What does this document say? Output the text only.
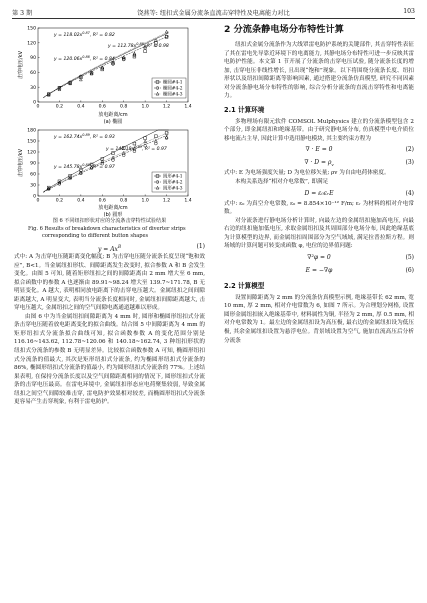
第 3 期	饶燕等: 纽扣式金属分流条直流击穿特性及电离能力对比	103
0	0.2	0.4	0.6	0.8	1.0	1.2	1.4
0
30
60
90
120
150
击穿电压/kV
放电距离/cm
(a) 椭圆
$y = 118.02x^{0.87}$, R² = 0.82
$y = 112.78x^{0.86}$, R² = 0.98
$y = 120.06x^{0.86}$, R² = 0.84
椭圆#4-1
椭圆#4-2
椭圆#4-3
0	0.2	0.4	0.6	0.8	1.0	1.2	1.4
0
30
60
90
120
150
180
击穿电压/kV
放电距离/cm
(b) 圆形
$y = 162.74x^{0.89}$, R² = 0.93
$y = 140.18x^{0.89}$, R² = 0.97
$y = 145.78x^{0.88}$, R² = 0.97
圆形#4-1
圆形#4-2
圆形#4-3
图 6 不同纽扣形状对应的分流条击穿特性试验结果
Fig. 6 Results of breakdown characteristics of diverter strips corresponding to different button shapes
$y = Ax^B$	(1)

式中: A 为击穿电压随距离变化幅度; B 为击穿电压随分流条长度呈现“饱和效应”, B<1。当金属纽扣形状、间隙距离发生改变时, 拟合参数 A 和 B 会发生变化。由图 5 可知, 随着矩形纽扣之间的间隙距离由 2 mm 增大至 6 mm, 拟合函数中的参数 A 也逐渐由 89.91~98.24 增大至 139.7~171.78, B 无明显变化。A 越大, 表明相同放电距离下的击穿电压越大。金属纽扣之间间隙距离越大, A 明显变大, 表明当分流条长度相同时, 金属纽扣间隙距离越大, 击穿电压越大, 金属纽扣之间的空气间隙电离通道越难以形成。

由图 6 中为当金属纽扣间隙距离为 4 mm 时, 圆形和椭圆形纽扣式分流条击穿电压随着放电距离变化的拟合曲线。结合图 5 中间隙距离为 4 mm 的矩形纽扣式分流条拟合曲线可知, 拟合函数参数 A 的变化范围分别是 116.16~143.62, 112.78~120.06 和 140.18~162.74, 3 种纽扣形状的纽扣式分流条的参数 B 无明显差异。比较拟合函数参数 A 可知, 椭圆形纽扣式分流条的值最大, 其次是矩形纽扣式分流条, 约为椭圆形纽扣式分流条的 86%, 椭圆形纽扣式分流条的值最小, 约为圆形纽扣式分流条的 77%。上述结果表明, 在保持分流条长度以及空气间隙距离相同的情况下, 圆形纽扣式分流条的击穿电压最高。在雷电环境中, 金属纽扣形态应电荷聚集较弱, 导致金属纽扣之间空气间隙较难击穿, 雷电防护效果相对较差, 而椭圆形纽扣式分流条更容易产生击穿现象, 有利于雷电防护。

2 分流条静电场分布特性计算

纽扣式金属分流条作为大线罩雷电防护系统的关键部件, 其击穿特性表征了其在雷电先导靠近环境下的电离能力, 其静电场分布特性可进一步反映其雷电防护性能。本文第 1 节开展了分流条的击穿电压试验, 随分流条长度的增加, 击穿电压非线性增长, 且出现“饱和”现象。以下将围绕分流条长度、纽扣形状以及纽扣间隙距离等影响因素, 通过搭建分流条仿真模型, 研究不同因素对分流条静电场分布特性的影响, 综合分析分流条的直流击穿特性和电离能力。

2.1 计算环境

多物理场有限元软件 COMSOL Mulphysics 建立的分流条模型包含 2 个部分, 即金属纽扣和绝缘基带。由于研究静电场分布, 仿真模型中电介质位移电流占主导, 因此计算中选用静电模块, 其主要约束方程为

∇ · E = 0	(2)
∇ · $D = \rho_v$	(3)

式中: E 为电场强度矢量; D 为电位移矢量; ρv 为自由电荷体密度。

本构关系选择“相对介电常数”, 即满足

D = ε₀εᵣE	(4)

式中: ε₀ 为真空介电常数, ε₀ = 8.854×10⁻¹² F/m; εᵣ 为材料的相对介电常数。

对分流条进行静电场分析计算时, 向最左边的金属纽扣施加高电压, 向最右边的纽扣施加低电压, 求取金属纽扣及其周围部分电场分布, 因此绝缘基底为计算模型的边界, 而金属纽扣周围部分为空气域域, 满足拉普拉斯方程。则场域的计算问题可转变成函数 φ, 电位的边界值问题:

∇²φ = 0	(5)
E = −∇φ	(6)
2.2 计算模型

设置间隙距离为 2 mm 的分流条仿真模型示例, 绝缘基带长 62 mm, 宽 10 mm, 厚 2 mm, 相对介电常数为 6, 如图 7 所示。为合理划分网格, 设置圆形金属纽扣嵌入绝缘基带中, 材料属性为铜, 半径为 2 mm, 厚 0.5 mm, 相对介电常数为 1。最左边的金属纽扣设为高压极, 最右边的金属纽扣设为低压极, 其余金属纽扣设置为悬浮电位。背景域设置为空气, 施加直流高压后分析分流条
